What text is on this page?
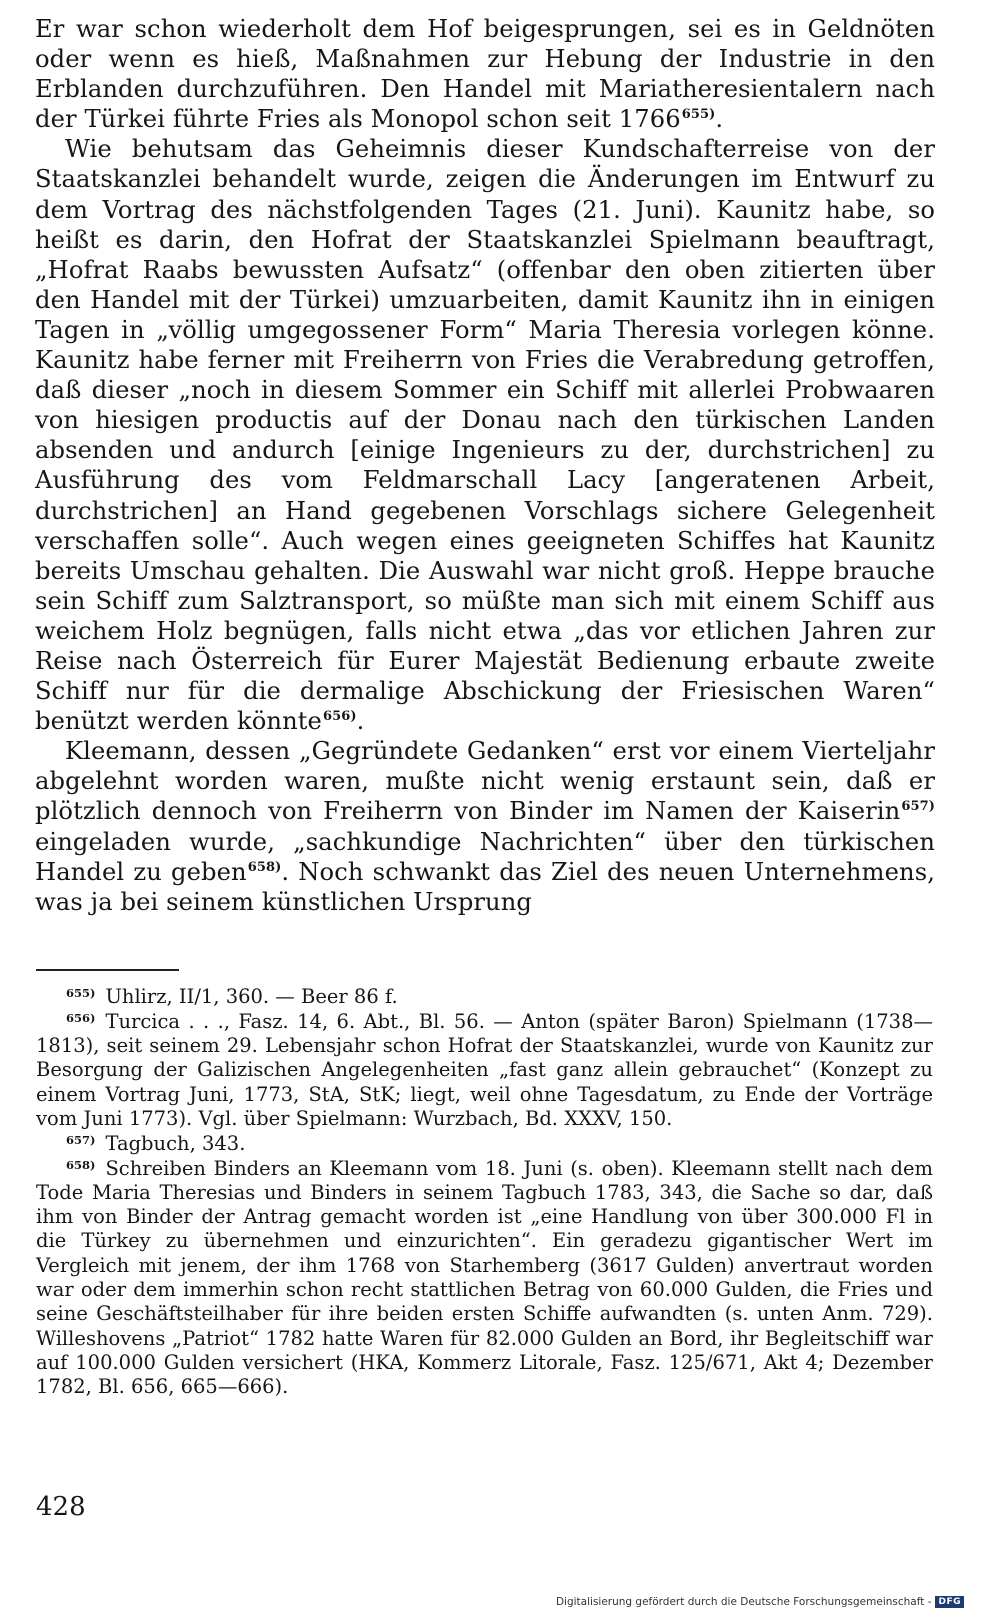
Er war schon wiederholt dem Hof beigesprungen, sei es in Geldnöten oder wenn es hieß, Maßnahmen zur Hebung der Industrie in den Erblanden durchzuführen. Den Handel mit Mariatheresientalern nach der Türkei führte Fries als Monopol schon seit 1766$^{655)}$.

Wie behutsam das Geheimnis dieser Kundschafterreise von der Staatskanzlei behandelt wurde, zeigen die Änderungen im Entwurf zu dem Vortrag des nächstfolgenden Tages (21. Juni). Kaunitz habe, so heißt es darin, den Hofrat der Staatskanzlei Spielmann beauftragt, „Hofrat Raabs bewussten Aufsatz“ (offenbar den oben zitierten über den Handel mit der Türkei) umzuarbeiten, damit Kaunitz ihn in einigen Tagen in „völlig umgegossener Form“ Maria Theresia vorlegen könne. Kaunitz habe ferner mit Freiherrn von Fries die Verabredung getroffen, daß dieser „noch in diesem Sommer ein Schiff mit allerlei Probwaaren von hiesigen productis auf der Donau nach den türkischen Landen absenden und andurch [einige Ingenieurs zu der, durchstrichen] zu Ausführung des vom Feldmarschall Lacy [angeratenen Arbeit, durchstrichen] an Hand gegebenen Vorschlags sichere Gelegenheit verschaffen solle“. Auch wegen eines geeigneten Schiffes hat Kaunitz bereits Umschau gehalten. Die Auswahl war nicht groß. Heppe brauche sein Schiff zum Salztransport, so müßte man sich mit einem Schiff aus weichem Holz begnügen, falls nicht etwa „das vor etlichen Jahren zur Reise nach Österreich für Eurer Majestät Bedienung erbaute zweite Schiff nur für die dermalige Abschickung der Friesischen Waren“ benützt werden könnte$^{656)}$.

Kleemann, dessen „Gegründete Gedanken“ erst vor einem Vierteljahr abgelehnt worden waren, mußte nicht wenig erstaunt sein, daß er plötzlich dennoch von Freiherrn von Binder im Namen der Kaiserin$^{657)}$ eingeladen wurde, „sachkundige Nachrichten“ über den türkischen Handel zu geben$^{658)}$. Noch schwankt das Ziel des neuen Unternehmens, was ja bei seinem künstlichen Ursprung

$^{655)}$ Uhlirz, II/1, 360. — Beer 86 f.

$^{656)}$ Turcica . . ., Fasz. 14, 6. Abt., Bl. 56. — Anton (später Baron) Spielmann (1738—1813), seit seinem 29. Lebensjahr schon Hofrat der Staatskanzlei, wurde von Kaunitz zur Besorgung der Galizischen Angelegenheiten „fast ganz allein gebrauchet“ (Konzept zu einem Vortrag Juni, 1773, StA, StK; liegt, weil ohne Tagesdatum, zu Ende der Vorträge vom Juni 1773). Vgl. über Spielmann: Wurzbach, Bd. XXXV, 150.

$^{657)}$ Tagbuch, 343.

$^{658)}$ Schreiben Binders an Kleemann vom 18. Juni (s. oben). Kleemann stellt nach dem Tode Maria Theresias und Binders in seinem Tagbuch 1783, 343, die Sache so dar, daß ihm von Binder der Antrag gemacht worden ist „eine Handlung von über 300.000 Fl in die Türkey zu übernehmen und einzurichten“. Ein geradezu gigantischer Wert im Vergleich mit jenem, der ihm 1768 von Starhemberg (3617 Gulden) anvertraut worden war oder dem immerhin schon recht stattlichen Betrag von 60.000 Gulden, die Fries und seine Geschäftsteilhaber für ihre beiden ersten Schiffe aufwandten (s. unten Anm. 729). Willeshovens „Patriot“ 1782 hatte Waren für 82.000 Gulden an Bord, ihr Begleitschiff war auf 100.000 Gulden versichert (HKA, Kommerz Litorale, Fasz. 125/671, Akt 4; Dezember 1782, Bl. 656, 665—666).

428
Digitalisierung gefördert durch die Deutsche Forschungsgemeinschaft - DFG
